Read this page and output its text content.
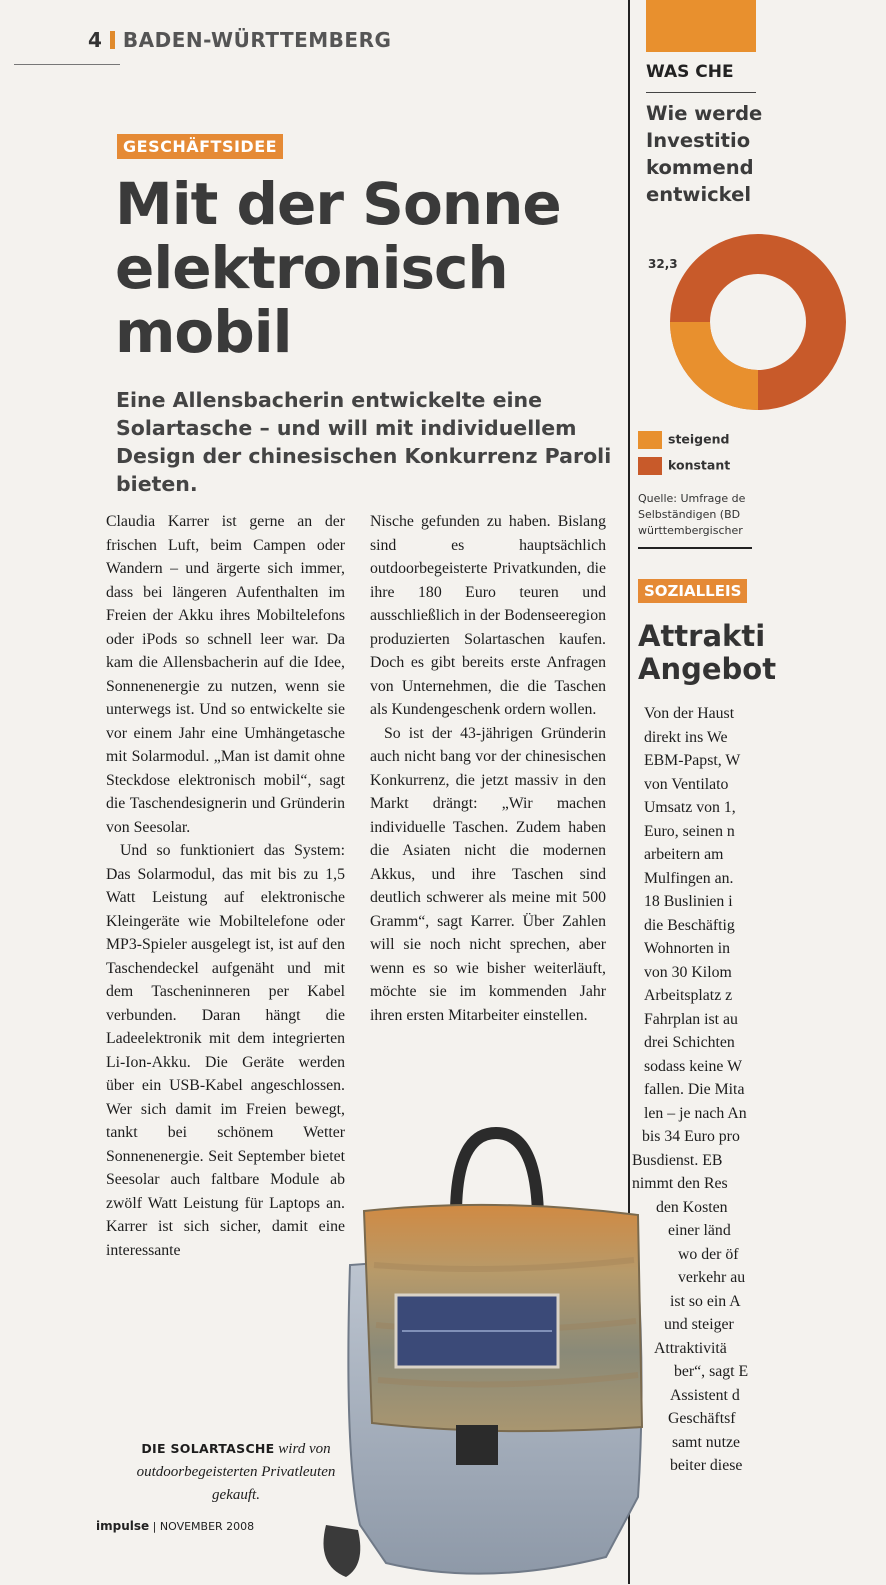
4 BADEN-WÜRTTEMBERG
GESCHÄFTSIDEE
Mit der Sonne elektronisch mobil

Eine Allensbacherin entwickelte eine Solartasche – und will mit individuellem Design der chinesischen Konkurrenz Paroli bieten.

Claudia Karrer ist gerne an der frischen Luft, beim Campen oder Wandern – und ärgerte sich immer, dass bei längeren Aufenthalten im Freien der Akku ihres Mobiltelefons oder iPods so schnell leer war. Da kam die Allensbacherin auf die Idee, Sonnenenergie zu nutzen, wenn sie unterwegs ist. Und so entwickelte sie vor einem Jahr eine Umhängetasche mit Solarmodul. „Man ist damit ohne Steckdose elektronisch mobil“, sagt die Taschendesignerin und Gründerin von Seesolar.

Und so funktioniert das System: Das Solarmodul, das mit bis zu 1,5 Watt Leistung auf elektronische Kleingeräte wie Mobiltelefone oder MP3-Spieler ausgelegt ist, ist auf den Taschendeckel aufgenäht und mit dem Tascheninneren per Kabel verbunden. Daran hängt die Ladeelektronik mit dem integrierten Li-Ion-Akku. Die Geräte werden über ein USB-Kabel angeschlossen. Wer sich damit im Freien bewegt, tankt bei schönem Wetter Sonnenenergie. Seit September bietet Seesolar auch faltbare Module ab zwölf Watt Leistung für Laptops an. Karrer ist sich sicher, damit eine interessante

Nische gefunden zu haben. Bislang sind es hauptsächlich outdoorbegeisterte Privatkunden, die ihre 180 Euro teuren und ausschließlich in der Bodenseeregion produzierten Solartaschen kaufen. Doch es gibt bereits erste Anfragen von Unternehmen, die die Taschen als Kundengeschenk ordern wollen.

So ist der 43-jährigen Gründerin auch nicht bang vor der chinesischen Konkurrenz, die jetzt massiv in den Markt drängt: „Wir machen individuelle Taschen. Zudem haben die Asiaten nicht die modernen Akkus, und ihre Taschen sind deutlich schwerer als meine mit 500 Gramm“, sagt Karrer. Über Zahlen will sie noch nicht sprechen, aber wenn es so wie bisher weiterläuft, möchte sie im kommenden Jahr ihren ersten Mitarbeiter einstellen.

DIE SOLARTASCHE wird von outdoorbegeisterten Privatleuten gekauft.
impulse | NOVEMBER 2008
WAS CHE

Wie werde
Investitio
kommend
entwickel

32,3
steigend
konstant

Quelle: Umfrage de
Selbständigen (BD
württembergischer

SOZIALLEIS
Attrakti
Angebot
Von der Haust
direkt ins We
EBM-Papst, W
von Ventilato
Umsatz von 1,
Euro, seinen n
arbeitern am
Mulfingen an.
18 Buslinien i
die Beschäftig
Wohnorten in
von 30 Kilom
Arbeitsplatz z
Fahrplan ist au
drei Schichten
sodass keine W
fallen. Die Mita
len – je nach An
bis 34 Euro pro
Busdienst. EB
nimmt den Res
den Kosten
einer länd
wo der öf
verkehr au
ist so ein A
und steiger
Attraktivitä
ber“, sagt E
Assistent d
Geschäftsf
samt nutze
beiter diese
